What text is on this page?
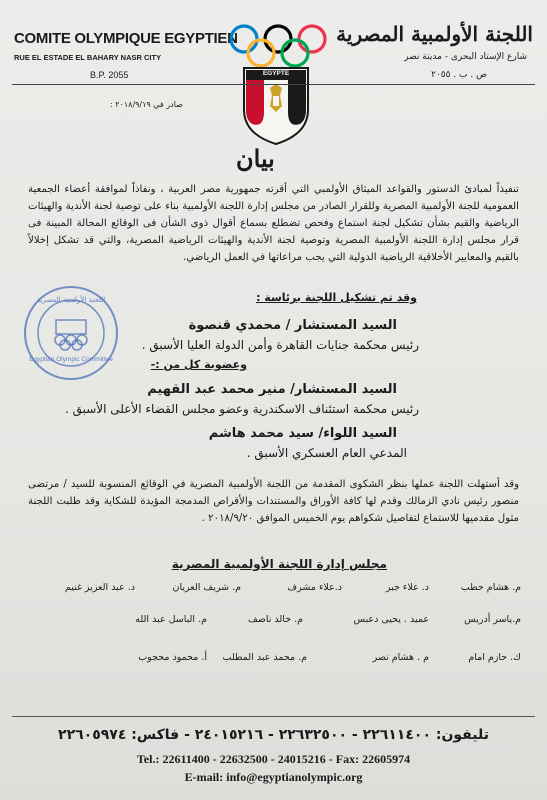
COMITE OLYMPIQUE EGYPTIEN
RUE EL ESTADE EL BAHARY NASR CITY
B.P. 2055
اللجنة الأولمبية المصرية
شارع الإستاد البحرى - مدينة نصر
ص . ب . ٢٠٥٥
EGYPTE
صادر في ٢٠١٨/٩/١٩ :
بيان
تنفيذاً لمبادئ الدستور والقواعد الميثاق الأولمبي التي أقرته جمهورية مصر العربية ، ونفاذاً لموافقة أعضاء الجمعية العمومية للجنة الأولمبية المصرية وللقرار الصادر من مجلس إدارة اللجنة الأولمبية بناء على توصية لجنة الأندية والهيئات الرياضية والقيم بشأن تشكيل لجنة استماع وفحص تضطلع بسماع أقوال ذوى الشأن فى الوقائع المحالة المبينة فى قرار مجلس إدارة اللجنة الأولمبية المصرية وتوصية لجنة الأندية والهيئات الرياضية المصرية، والتي قد تشكل إخلالاً بالقيم والمعايير الأخلاقية الرياضية الدولية التي يجب مراعاتها في العمل الرياضي.
وقد تم تشكيل اللجنة برئاسة :
السيد المستشار / محمدي قنصوة
رئيس محكمة جنايات القاهرة وأمن الدولة العليا الأسبق .
وعضوية كل من :-
السيد المستشار/ منير محمد عبد القهيم
رئيس محكمة استئناف الاسكندرية وعضو مجلس القضاء الأعلى الأسبق .
السيد اللواء/ سيد محمد هاشم
المدعي العام العسكري الأسبق .
اللجنة الأولمبية المصرية
Egyptian Olympic Committee
وقد أستهلت اللجنة عملها بنظر الشكوى المقدمة من اللجنة الأولمبية المصرية في الوقائع المنسوبة للسيد / مرتضى منصور رئيس نادي الزمالك وقدم لها كافة الأوراق والمستندات والأقراص المدمجة المؤيدة للشكاية وقد طلبت اللجنة مثول مقدميها للاستماع لتفاصيل شكواهم يوم الخميس الموافق ٢٠١٨/٩/٢٠ .
مجلس إدارة اللجنة الأولمبية المصرية
م. هشام حطب
د. علاء جبر
د.علاء مشرف
م. شريف العريان
د. عبد العزيز غنيم
م.ياسر أدريس
عميد . يحيى دعبس
م. خالد ناصف
م. الباسل عبد الله
ك. حازم امام
م . هشام نصر
م. محمد عبد المطلب
أ. محمود محجوب
تليفون: ٢٢٦١١٤٠٠ - ٢٢٦٣٢٥٠٠ - ٢٤٠١٥٢١٦ - فاكس: ٢٢٦٠٥٩٧٤
Tel.: 22611400 - 22632500 - 24015216 - Fax: 22605974
E-mail: info@egyptianolympic.org
